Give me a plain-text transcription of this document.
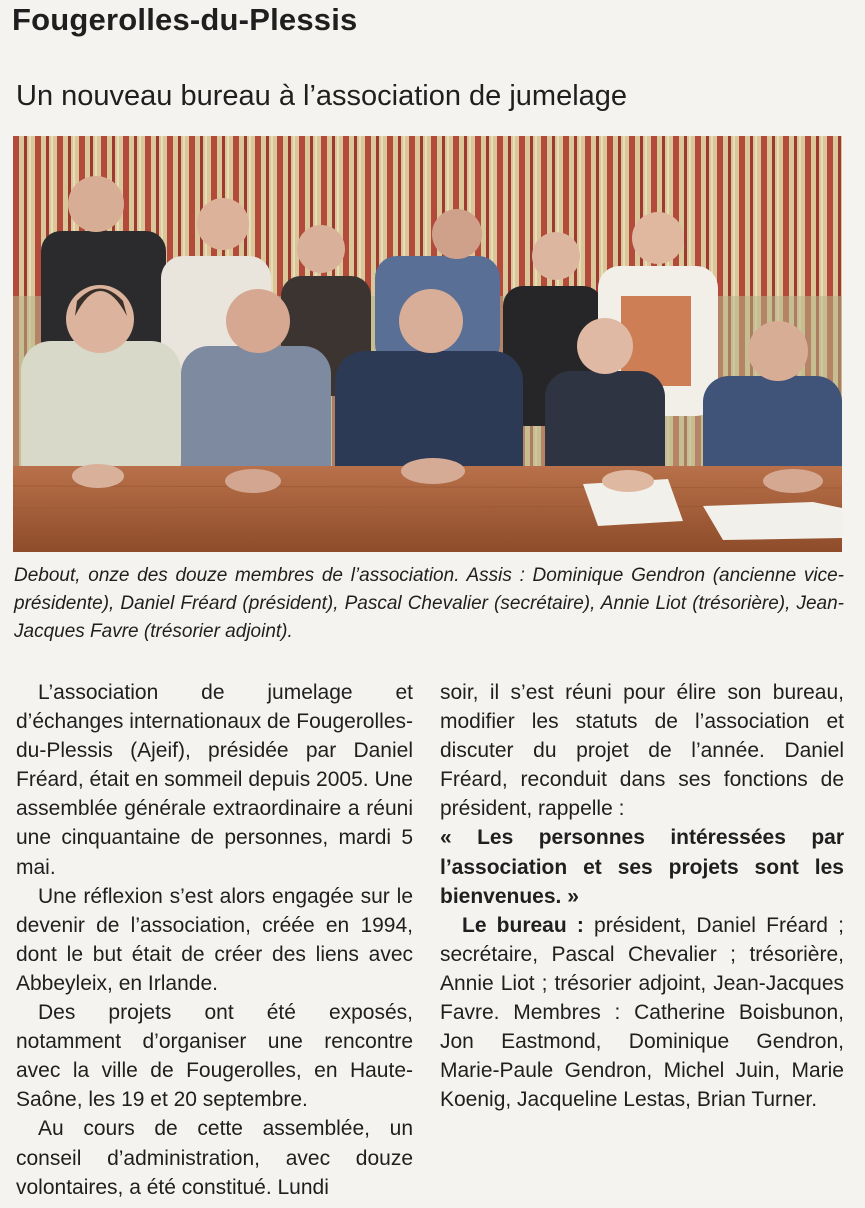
Fougerolles-du-Plessis
Un nouveau bureau à l’association de jumelage

Debout, onze des douze membres de l’association. Assis : Dominique Gendron (ancienne vice-présidente), Daniel Fréard (président), Pascal Chevalier (secrétaire), Annie Liot (trésorière), Jean-Jacques Favre (trésorier adjoint).

L’association de jumelage et d’échanges internationaux de Fougerolles-du-Plessis (Ajeif), présidée par Daniel Fréard, était en sommeil depuis 2005. Une assemblée générale extraordinaire a réuni une cinquantaine de personnes, mardi 5 mai.

Une réflexion s’est alors engagée sur le devenir de l’association, créée en 1994, dont le but était de créer des liens avec Abbeyleix, en Irlande.

Des projets ont été exposés, notamment d’organiser une rencontre avec la ville de Fougerolles, en Haute-Saône, les 19 et 20 septembre.

Au cours de cette assemblée, un conseil d’administration, avec douze volontaires, a été constitué. Lundi

soir, il s’est réuni pour élire son bureau, modifier les statuts de l’association et discuter du projet de l’année. Daniel Fréard, reconduit dans ses fonctions de président, rappelle :

« Les personnes intéressées par l’association et ses projets sont les bienvenues. »

Le bureau : président, Daniel Fréard ; secrétaire, Pascal Chevalier ; trésorière, Annie Liot ; trésorier adjoint, Jean-Jacques Favre. Membres : Catherine Boisbunon, Jon Eastmond, Dominique Gendron, Marie-Paule Gendron, Michel Juin, Marie Koenig, Jacqueline Lestas, Brian Turner.
